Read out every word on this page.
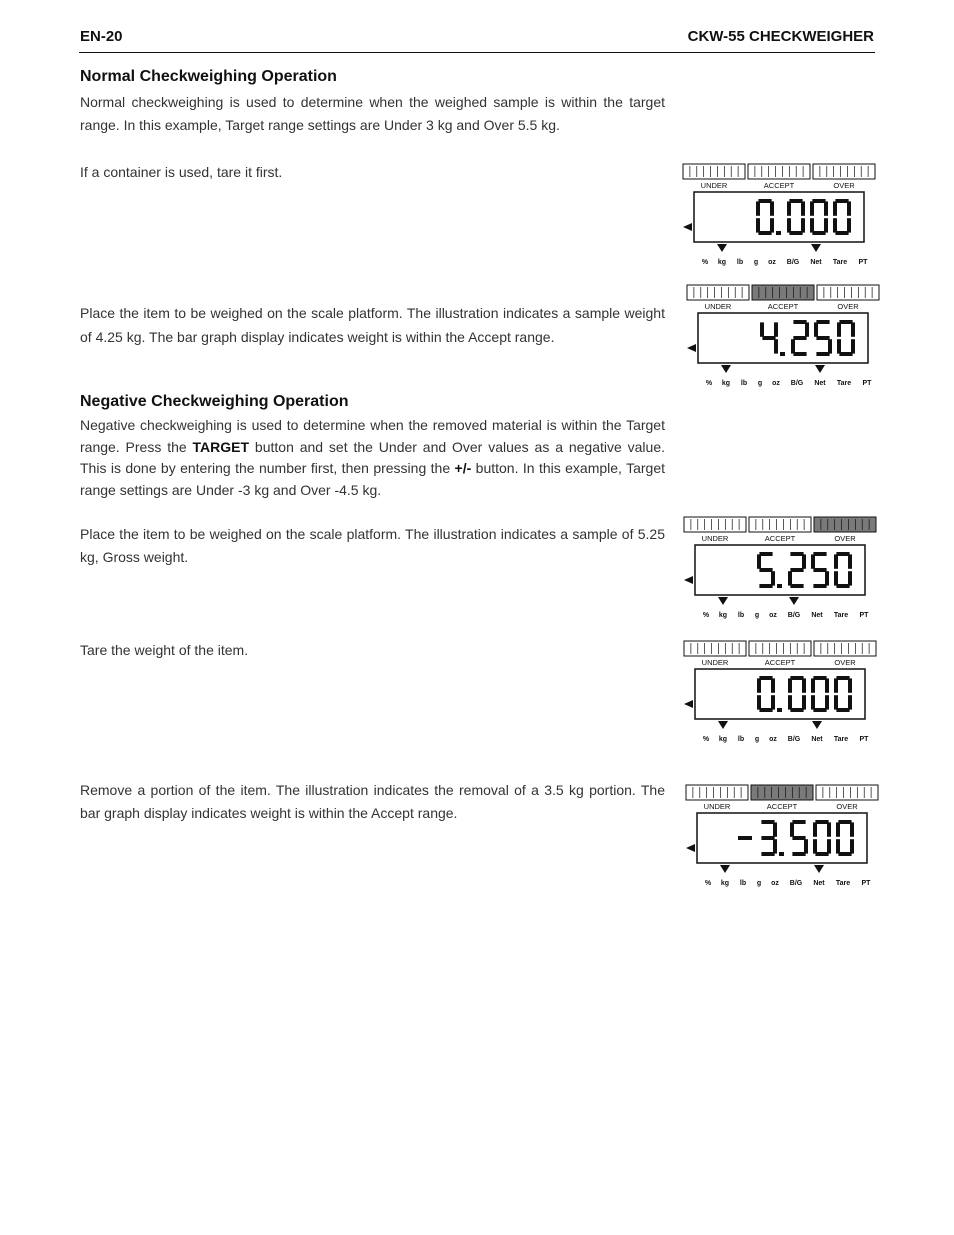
EN-20	CKW-55 CHECKWEIGHER
Normal Checkweighing Operation
Normal checkweighing is used to determine when the weighed sample is within the target range. In this example, Target range settings are Under 3 kg and Over 5.5 kg.
If a container is used, tare it first.
Place the item to be weighed on the scale platform. The illustration indicates a sample weight of 4.25 kg. The bar graph display indicates weight is within the Accept range.
Negative Checkweighing Operation
Negative checkweighing is used to determine when the removed material is within the Target range. Press the TARGET button and set the Under and Over values as a negative value. This is done by entering the number first, then pressing the +/- button. In this example, Target range settings are Under -3 kg and Over -4.5 kg.
Place the item to be weighed on the scale platform. The illustration indicates a sample of 5.25 kg, Gross weight.
Tare the weight of the item.
Remove a portion of the item. The illustration indicates the removal of a 3.5 kg portion. The bar graph display indicates weight is within the Accept range.
UNDER	ACCEPT	OVER
% kg lb g oz B/G Net Tare PT
UNDER	ACCEPT	OVER
% kg lb g oz B/G Net Tare PT
UNDER	ACCEPT	OVER
% kg lb g oz B/G Net Tare PT
UNDER	ACCEPT	OVER
% kg lb g oz B/G Net Tare PT
UNDER	ACCEPT	OVER
% kg lb g oz B/G Net Tare PT
